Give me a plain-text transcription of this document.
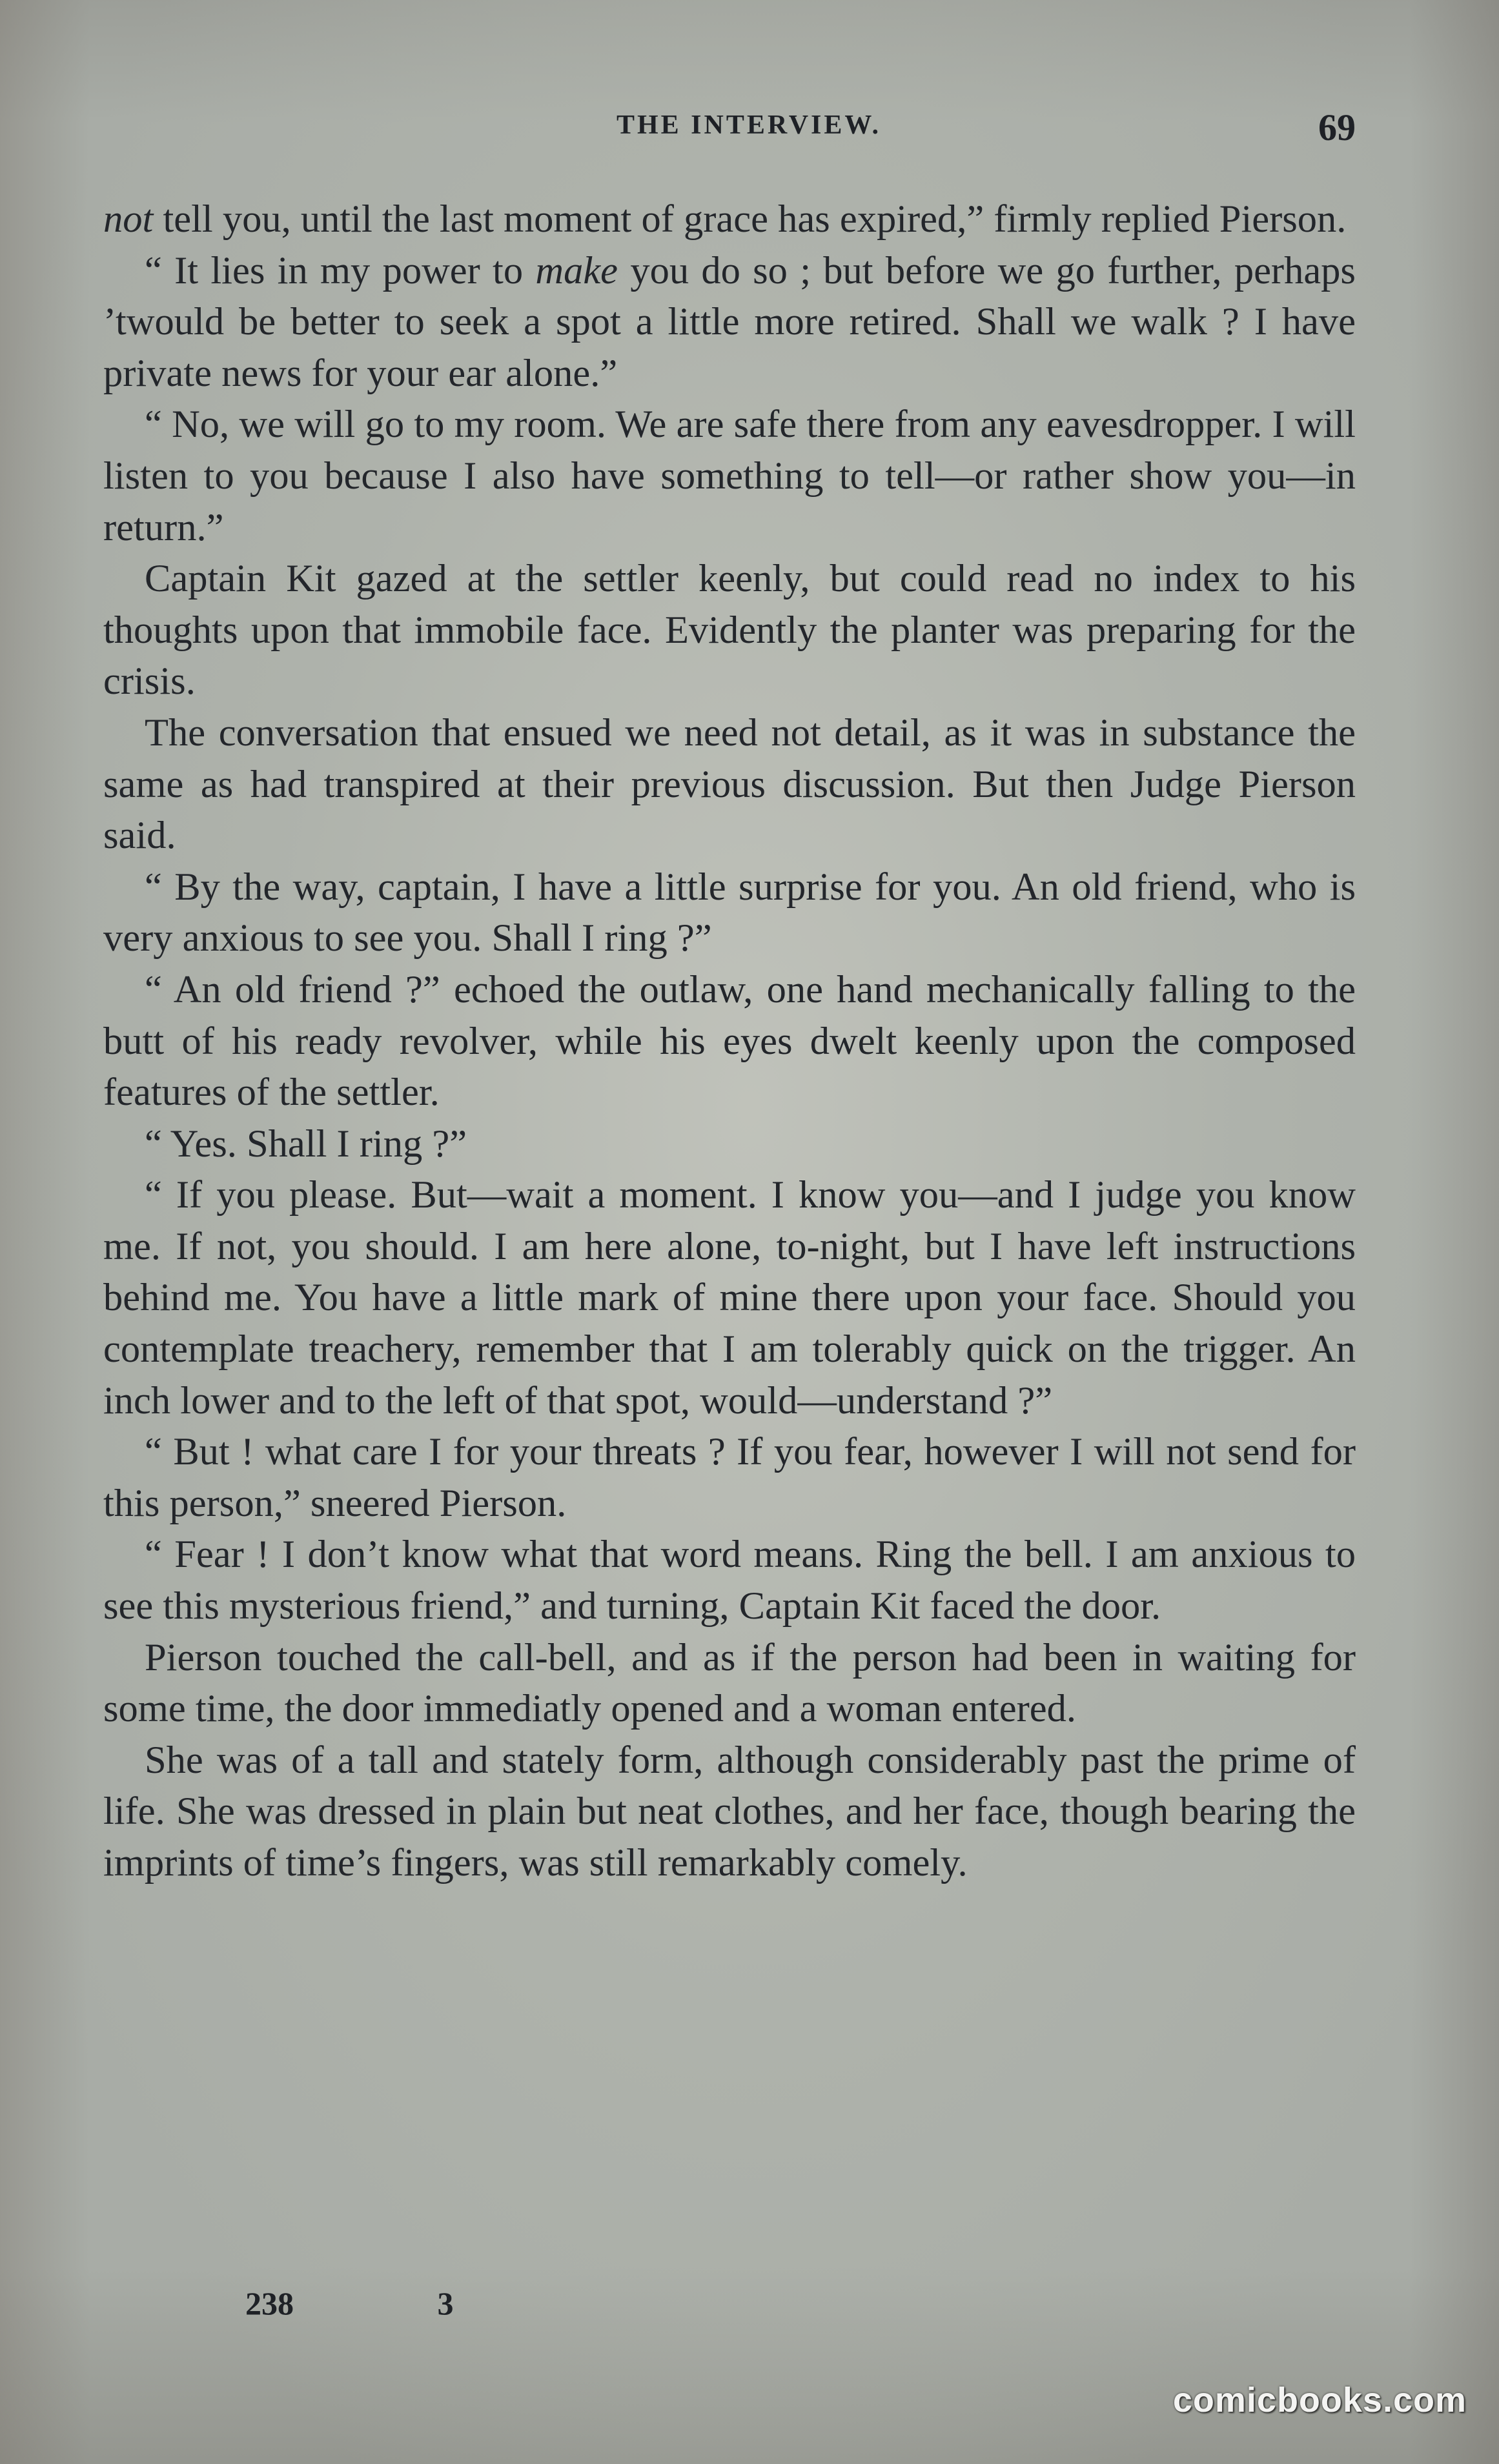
THE INTERVIEW.	69

not tell you, until the last moment of grace has expired,” firmly replied Pierson.

“ It lies in my power to make you do so ; but before we go further, perhaps ’twould be better to seek a spot a little more retired. Shall we walk ? I have private news for your ear alone.”

“ No, we will go to my room. We are safe there from any eavesdropper. I will listen to you because I also have something to tell—or rather show you—in return.”

Captain Kit gazed at the settler keenly, but could read no index to his thoughts upon that immobile face. Evidently the planter was preparing for the crisis.

The conversation that ensued we need not detail, as it was in substance the same as had transpired at their previous discussion. But then Judge Pierson said.

“ By the way, captain, I have a little surprise for you. An old friend, who is very anxious to see you. Shall I ring ?”

“ An old friend ?” echoed the outlaw, one hand mechanically falling to the butt of his ready revolver, while his eyes dwelt keenly upon the composed features of the settler.

“ Yes. Shall I ring ?”

“ If you please. But—wait a moment. I know you—and I judge you know me. If not, you should. I am here alone, to-night, but I have left instructions behind me. You have a little mark of mine there upon your face. Should you contemplate treachery, remember that I am tolerably quick on the trigger. An inch lower and to the left of that spot, would—understand ?”

“ But ! what care I for your threats ? If you fear, however I will not send for this person,” sneered Pierson.

“ Fear ! I don’t know what that word means. Ring the bell. I am anxious to see this mysterious friend,” and turning, Captain Kit faced the door.

Pierson touched the call-bell, and as if the person had been in waiting for some time, the door immediatly opened and a woman entered.

She was of a tall and stately form, although considerably past the prime of life. She was dressed in plain but neat clothes, and her face, though bearing the imprints of time’s fingers, was still remarkably comely.

238	3
comicbooks.com
